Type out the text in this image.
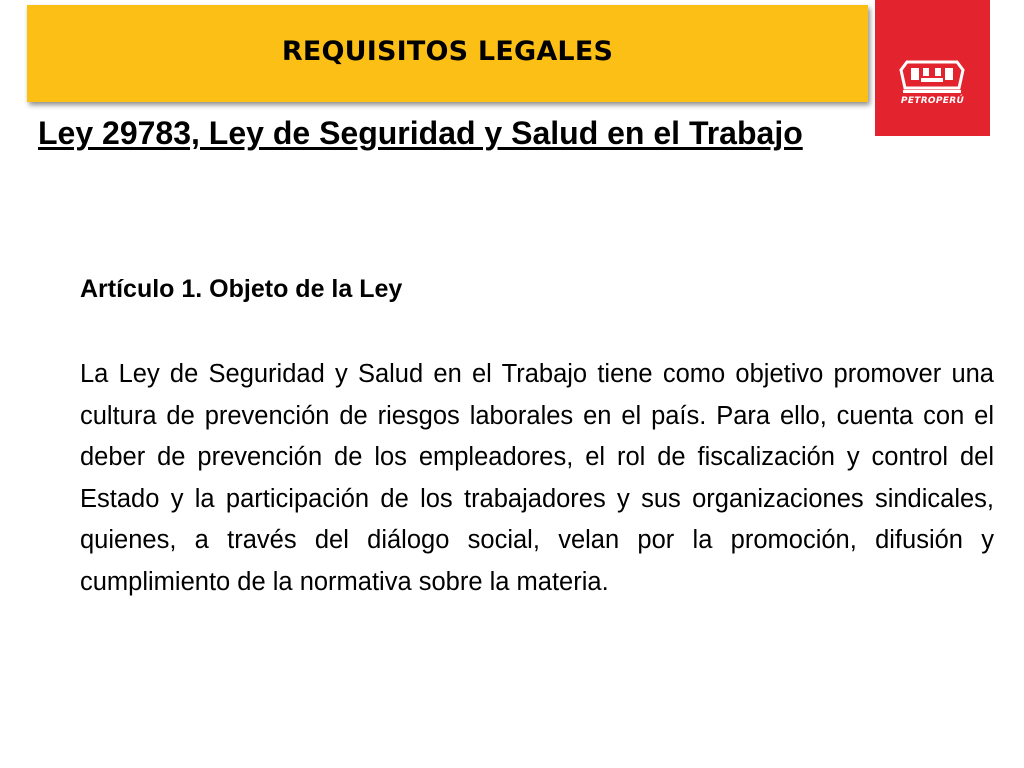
REQUISITOS LEGALES
PETROPERÚ
Ley 29783, Ley de Seguridad y Salud en el Trabajo
Artículo 1. Objeto de la Ley
La Ley de Seguridad y Salud en el Trabajo tiene como objetivo promover una cultura de prevención de riesgos laborales en el país. Para ello, cuenta con el deber de prevención de los empleadores, el rol de fiscalización y control del Estado y la participación de los trabajadores y sus organizaciones sindicales, quienes, a través del diálogo social, velan por la promoción, difusión y cumplimiento de la normativa sobre la materia.
